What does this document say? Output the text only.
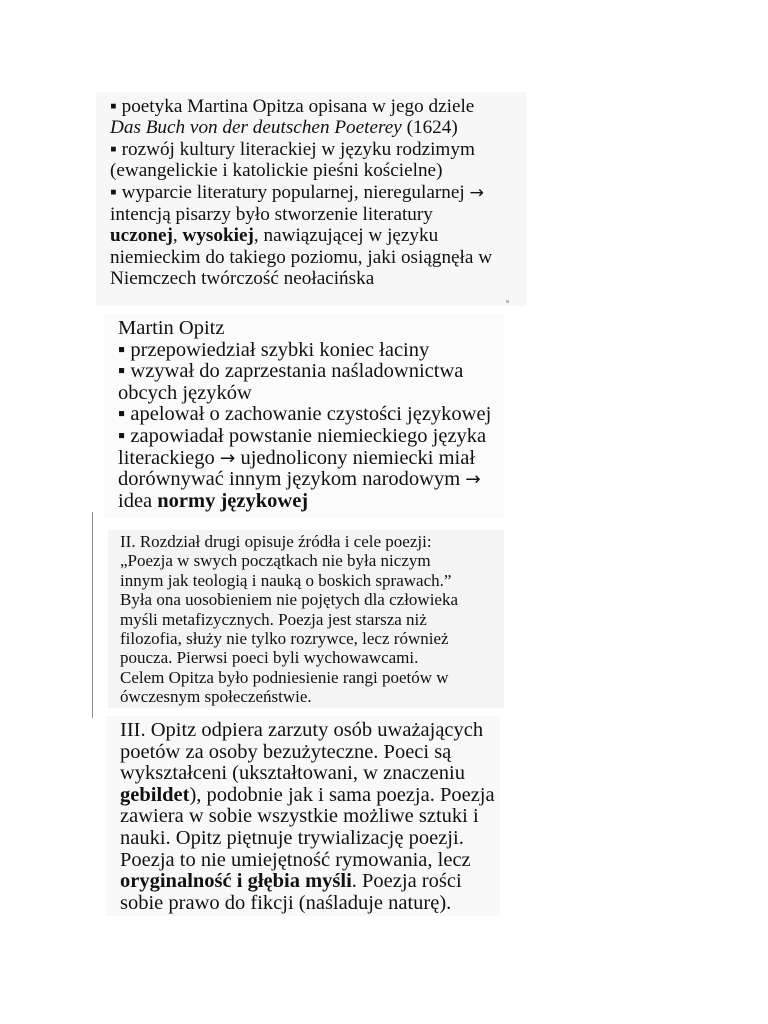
▪ poetyka Martina Opitza opisana w jego dziele
Das Buch von der deutschen Poeterey (1624)
▪ rozwój kultury literackiej w języku rodzimym
(ewangelickie i katolickie pieśni kościelne)
▪ wyparcie literatury popularnej, nieregularnej →
intencją pisarzy było stworzenie literatury
uczonej, wysokiej, nawiązującej w języku
niemieckim do takiego poziomu, jaki osiągnęła w
Niemczech twórczość neołacińska
Martin Opitz
▪ przepowiedział szybki koniec łaciny
▪ wzywał do zaprzestania naśladownictwa
obcych języków
▪ apelował o zachowanie czystości językowej
▪ zapowiadał powstanie niemieckiego języka
literackiego → ujednolicony niemiecki miał
dorównywać innym językom narodowym →
idea normy językowej
II. Rozdział drugi opisuje źródła i cele poezji:
„Poezja w swych początkach nie była niczym
innym jak teologią i nauką o boskich sprawach.”
Była ona uosobieniem nie pojętych dla człowieka
myśli metafizycznych. Poezja jest starsza niż
filozofia, służy nie tylko rozrywce, lecz również
poucza. Pierwsi poeci byli wychowawcami.
Celem Opitza było podniesienie rangi poetów w
ówczesnym społeczeństwie.
III. Opitz odpiera zarzuty osób uważających
poetów za osoby bezużyteczne. Poeci są
wykształceni (ukształtowani, w znaczeniu
gebildet), podobnie jak i sama poezja. Poezja
zawiera w sobie wszystkie możliwe sztuki i
nauki. Opitz piętnuje trywializację poezji.
Poezja to nie umiejętność rymowania, lecz
oryginalność i głębia myśli. Poezja rości
sobie prawo do fikcji (naśladuje naturę).
